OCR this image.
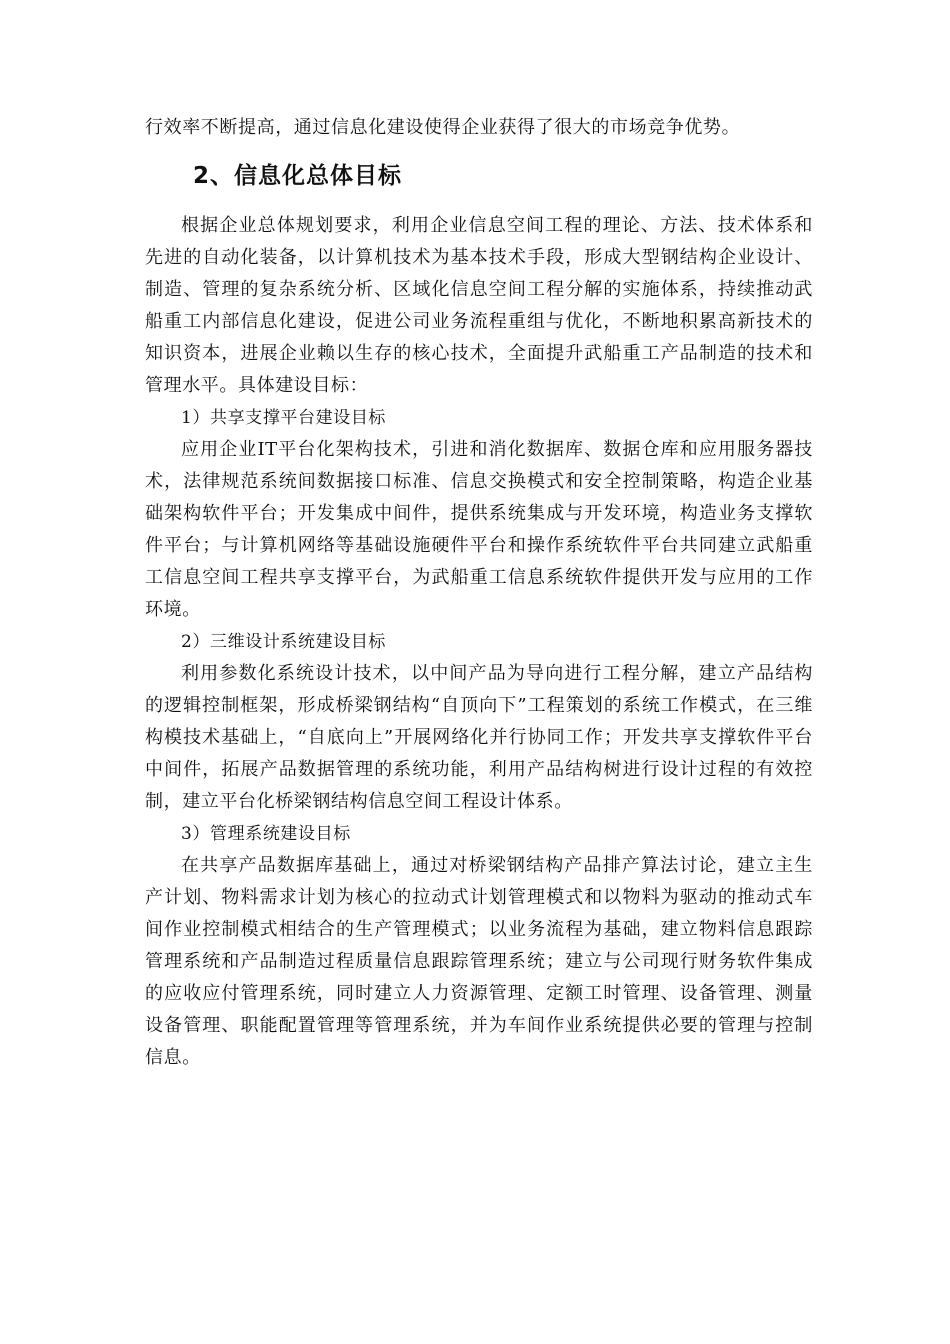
行效率不断提高，通过信息化建设使得企业获得了很大的市场竞争优势。

2、信息化总体目标

根据企业总体规划要求，利用企业信息空间工程的理论、方法、技术体系和先进的自动化装备，以计算机技术为基本技术手段，形成大型钢结构企业设计、制造、管理的复杂系统分析、区域化信息空间工程分解的实施体系，持续推动武船重工内部信息化建设，促进公司业务流程重组与优化，不断地积累高新技术的知识资本，进展企业赖以生存的核心技术，全面提升武船重工产品制造的技术和管理水平。具体建设目标：

1）共享支撑平台建设目标

应用企业IT平台化架构技术，引进和消化数据库、数据仓库和应用服务器技术，法律规范系统间数据接口标准、信息交换模式和安全控制策略，构造企业基础架构软件平台；开发集成中间件，提供系统集成与开发环境，构造业务支撑软件平台；与计算机网络等基础设施硬件平台和操作系统软件平台共同建立武船重工信息空间工程共享支撑平台，为武船重工信息系统软件提供开发与应用的工作环境。

2）三维设计系统建设目标

利用参数化系统设计技术，以中间产品为导向进行工程分解，建立产品结构的逻辑控制框架，形成桥梁钢结构“自顶向下”工程策划的系统工作模式，在三维构模技术基础上，“自底向上”开展网络化并行协同工作；开发共享支撑软件平台中间件，拓展产品数据管理的系统功能，利用产品结构树进行设计过程的有效控制，建立平台化桥梁钢结构信息空间工程设计体系。

3）管理系统建设目标

在共享产品数据库基础上，通过对桥梁钢结构产品排产算法讨论，建立主生产计划、物料需求计划为核心的拉动式计划管理模式和以物料为驱动的推动式车间作业控制模式相结合的生产管理模式；以业务流程为基础，建立物料信息跟踪管理系统和产品制造过程质量信息跟踪管理系统；建立与公司现行财务软件集成的应收应付管理系统，同时建立人力资源管理、定额工时管理、设备管理、测量设备管理、职能配置管理等管理系统，并为车间作业系统提供必要的管理与控制信息。
